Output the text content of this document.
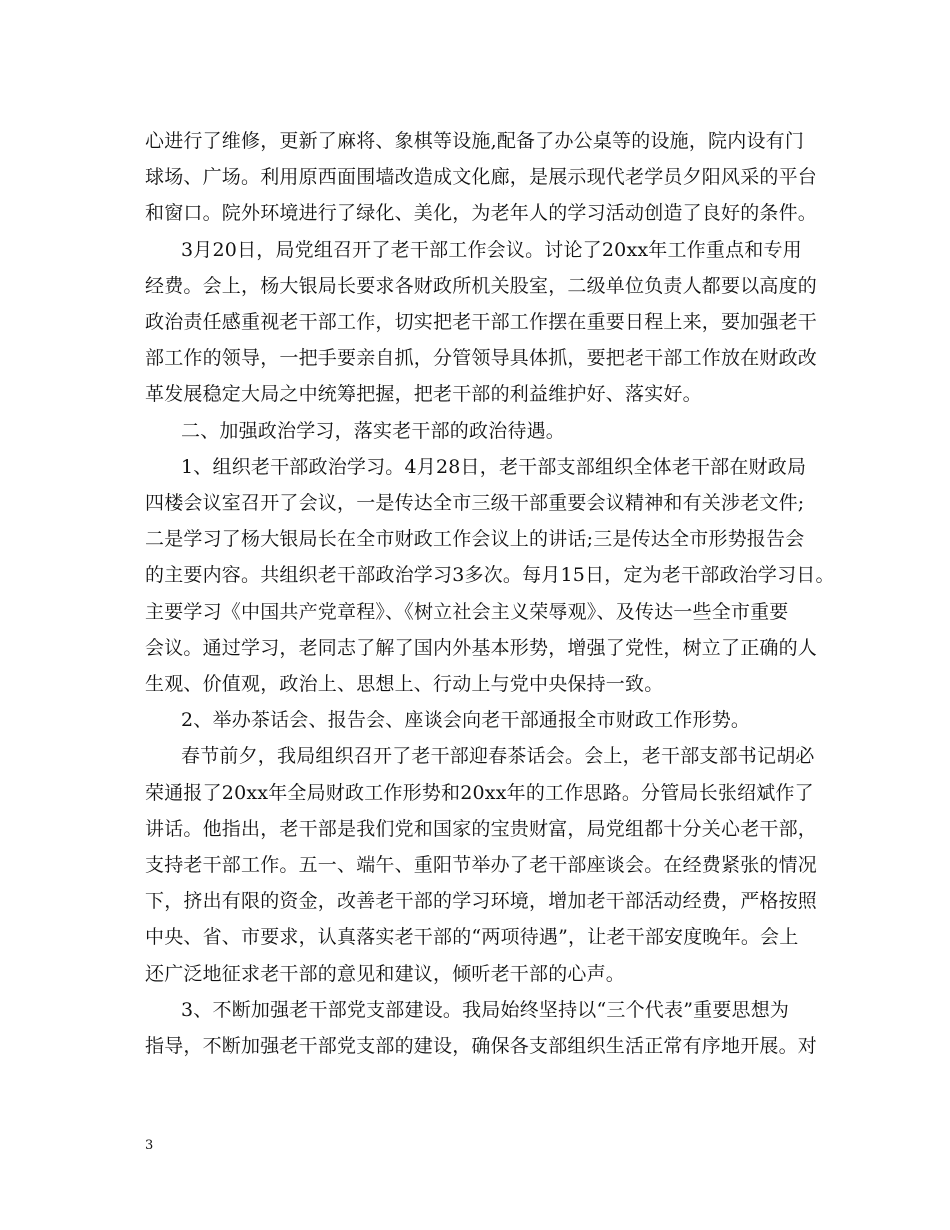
心进行了维修，更新了麻将、象棋等设施,配备了办公桌等的设施，院内设有门
球场、广场。利用原西面围墙改造成文化廊，是展示现代老学员夕阳风采的平台
和窗口。院外环境进行了绿化、美化，为老年人的学习活动创造了良好的条件。
3月20日，局党组召开了老干部工作会议。讨论了20xx年工作重点和专用
经费。会上，杨大银局长要求各财政所机关股室，二级单位负责人都要以高度的
政治责任感重视老干部工作，切实把老干部工作摆在重要日程上来，要加强老干
部工作的领导，一把手要亲自抓，分管领导具体抓，要把老干部工作放在财政改
革发展稳定大局之中统筹把握，把老干部的利益维护好、落实好。
二、加强政治学习，落实老干部的政治待遇。
1、组织老干部政治学习。4月28日，老干部支部组织全体老干部在财政局
四楼会议室召开了会议，一是传达全市三级干部重要会议精神和有关涉老文件;
二是学习了杨大银局长在全市财政工作会议上的讲话;三是传达全市形势报告会
的主要内容。共组织老干部政治学习3多次。每月15日，定为老干部政治学习日。
主要学习《中国共产党章程》、《树立社会主义荣辱观》、及传达一些全市重要
会议。通过学习，老同志了解了国内外基本形势，增强了党性，树立了正确的人
生观、价值观，政治上、思想上、行动上与党中央保持一致。
2、举办茶话会、报告会、座谈会向老干部通报全市财政工作形势。
春节前夕，我局组织召开了老干部迎春茶话会。会上，老干部支部书记胡必
荣通报了20xx年全局财政工作形势和20xx年的工作思路。分管局长张绍斌作了
讲话。他指出，老干部是我们党和国家的宝贵财富，局党组都十分关心老干部，
支持老干部工作。五一、端午、重阳节举办了老干部座谈会。在经费紧张的情况
下，挤出有限的资金，改善老干部的学习环境，增加老干部活动经费，严格按照
中央、省、市要求，认真落实老干部的“两项待遇”，让老干部安度晚年。会上
还广泛地征求老干部的意见和建议，倾听老干部的心声。
3、不断加强老干部党支部建设。我局始终坚持以“三个代表”重要思想为
指导，不断加强老干部党支部的建设，确保各支部组织生活正常有序地开展。对
3
